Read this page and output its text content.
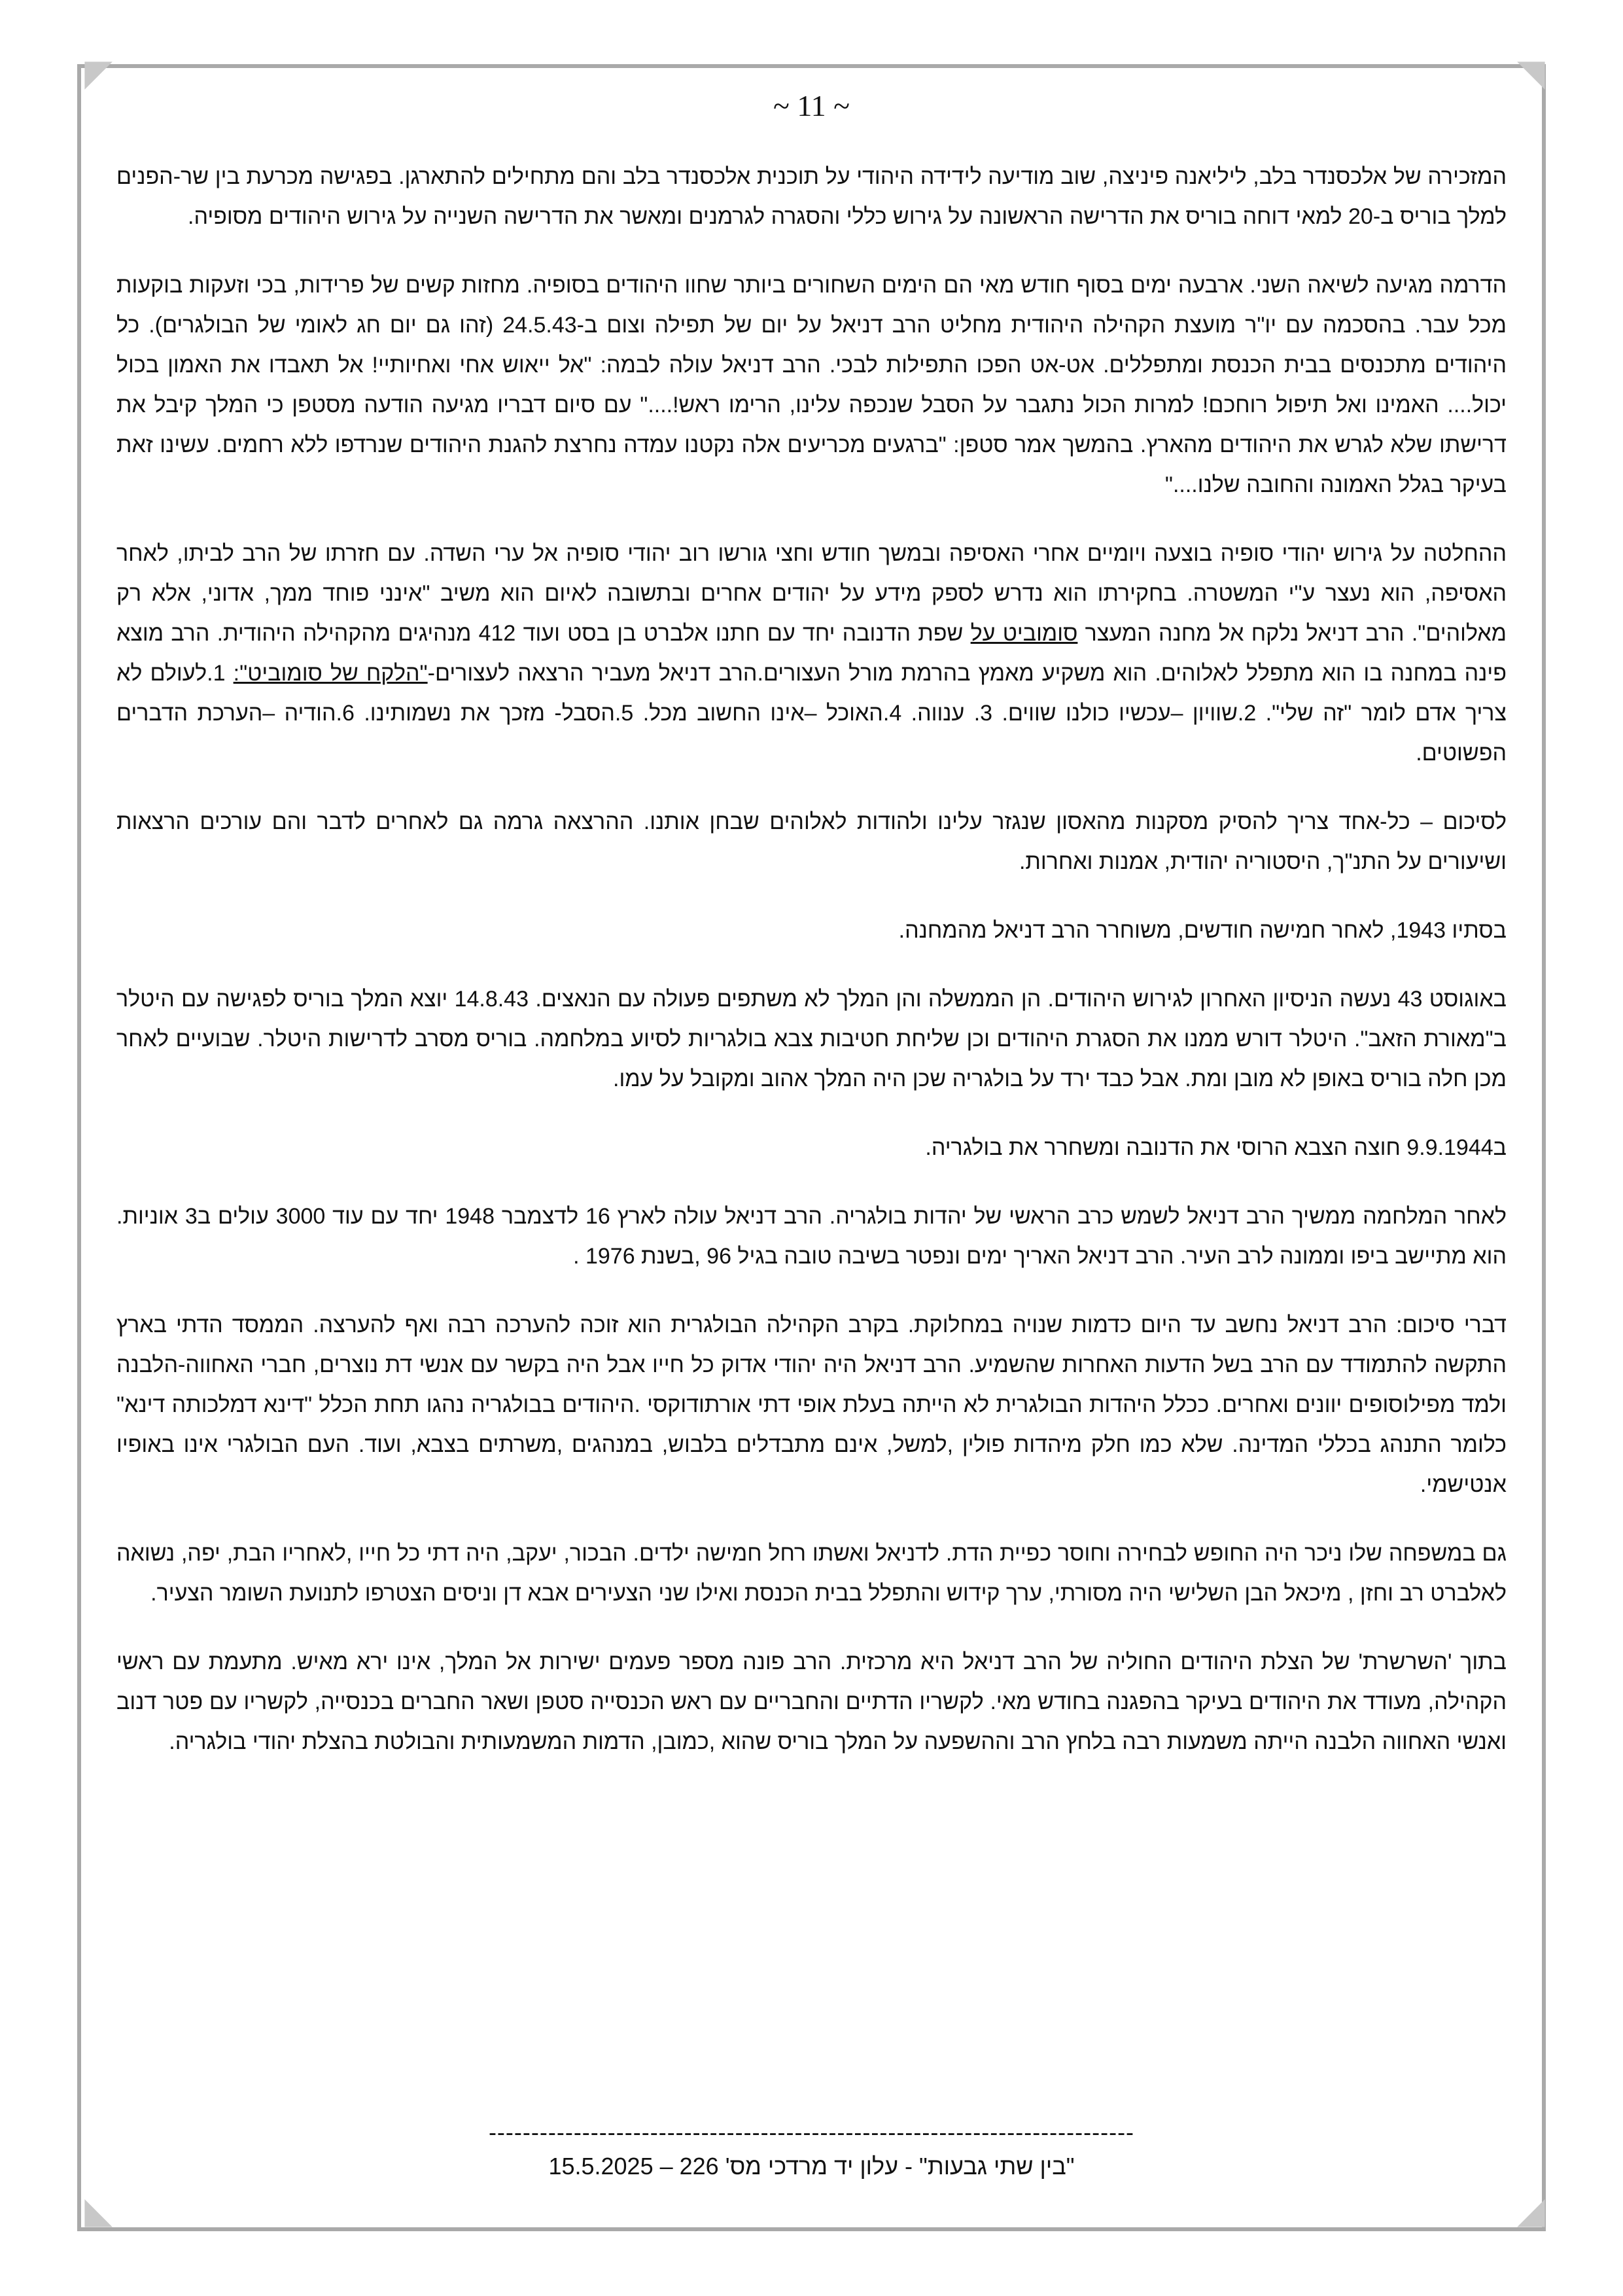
~ 11 ~

המזכירה של אלכסנדר בלב, ליליאנה פיניצה, שוב מודיעה לידידה היהודי על תוכנית אלכסנדר בלב והם מתחילים להתארגן. בפגישה מכרעת בין שר-הפנים למלך בוריס ב-20 למאי דוחה בוריס את הדרישה הראשונה על גירוש כללי והסגרה לגרמנים ומאשר את הדרישה השנייה על גירוש היהודים מסופיה.

הדרמה מגיעה לשיאה השני. ארבעה ימים בסוף חודש מאי הם הימים השחורים ביותר שחוו היהודים בסופיה. מחזות קשים של פרידות, בכי וזעקות בוקעות מכל עבר. בהסכמה עם יו"ר מועצת הקהילה היהודית מחליט הרב דניאל על יום של תפילה וצום ב-24.5.43 (זהו גם יום חג לאומי של הבולגרים). כל היהודים מתכנסים בבית הכנסת ומתפללים. אט-אט הפכו התפילות לבכי. הרב דניאל עולה לבמה: "אל ייאוש אחי ואחיותיי! אל תאבדו את האמון בכול יכול.... האמינו ואל תיפול רוחכם! למרות הכול נתגבר על הסבל שנכפה עלינו, הרימו ראש!...." עם סיום דבריו מגיעה הודעה מסטפן כי המלך קיבל את דרישתו שלא לגרש את היהודים מהארץ. בהמשך אמר סטפן: "ברגעים מכריעים אלה נקטנו עמדה נחרצת להגנת היהודים שנרדפו ללא רחמים. עשינו זאת בעיקר בגלל האמונה והחובה שלנו...."

ההחלטה על גירוש יהודי סופיה בוצעה ויומיים אחרי האסיפה ובמשך חודש וחצי גורשו רוב יהודי סופיה אל ערי השדה. עם חזרתו של הרב לביתו, לאחר האסיפה, הוא נעצר ע"י המשטרה. בחקירתו הוא נדרש לספק מידע על יהודים אחרים ובתשובה לאיום הוא משיב "אינני פוחד ממך, אדוני, אלא רק מאלוהים". הרב דניאל נלקח אל מחנה המעצר סומוביט על שפת הדנובה יחד עם חתנו אלברט בן בסט ועוד 412 מנהיגים מהקהילה היהודית. הרב מוצא פינה במחנה בו הוא מתפלל לאלוהים. הוא משקיע מאמץ בהרמת מורל העצורים.הרב דניאל מעביר הרצאה לעצורים-"הלקח של סומוביט": 1.לעולם לא צריך אדם לומר "זה שלי". 2.שוויון –עכשיו כולנו שווים. 3. ענווה. 4.האוכל –אינו החשוב מכל. 5.הסבל- מזכך את נשמותינו. 6.הודיה –הערכת הדברים הפשוטים.

לסיכום – כל-אחד צריך להסיק מסקנות מהאסון שנגזר עלינו ולהודות לאלוהים שבחן אותנו. ההרצאה גרמה גם לאחרים לדבר והם עורכים הרצאות ושיעורים על התנ"ך, היסטוריה יהודית, אמנות ואחרות.

בסתיו 1943, לאחר חמישה חודשים, משוחרר הרב דניאל מהמחנה.

באוגוסט 43 נעשה הניסיון האחרון לגירוש היהודים. הן הממשלה והן המלך לא משתפים פעולה עם הנאצים. 14.8.43 יוצא המלך בוריס לפגישה עם היטלר ב"מאורת הזאב". היטלר דורש ממנו את הסגרת היהודים וכן שליחת חטיבות צבא בולגריות לסיוע במלחמה. בוריס מסרב לדרישות היטלר. שבועיים לאחר מכן חלה בוריס באופן לא מובן ומת. אבל כבד ירד על בולגריה שכן היה המלך אהוב ומקובל על עמו.

ב9.9.1944 חוצה הצבא הרוסי את הדנובה ומשחרר את בולגריה.

לאחר המלחמה ממשיך הרב דניאל לשמש כרב הראשי של יהדות בולגריה. הרב דניאל עולה לארץ 16 לדצמבר 1948 יחד עם עוד 3000 עולים ב3 אוניות. הוא מתיישב ביפו וממונה לרב העיר. הרב דניאל האריך ימים ונפטר בשיבה טובה בגיל 96 ,בשנת 1976 .

דברי סיכום: הרב דניאל נחשב עד היום כדמות שנויה במחלוקת. בקרב הקהילה הבולגרית הוא זוכה להערכה רבה ואף להערצה. הממסד הדתי בארץ התקשה להתמודד עם הרב בשל הדעות האחרות שהשמיע. הרב דניאל היה יהודי אדוק כל חייו אבל היה בקשר עם אנשי דת נוצרים, חברי האחווה-הלבנה ולמד מפילוסופים יוונים ואחרים. ככלל היהדות הבולגרית לא הייתה בעלת אופי דתי אורתודוקסי .היהודים בבולגריה נהגו תחת הכלל "דינא דמלכותה דינא" כלומר התנהג בכללי המדינה. שלא כמו חלק מיהדות פולין ,למשל, אינם מתבדלים בלבוש, במנהגים ,משרתים בצבא, ועוד. העם הבולגרי אינו באופיו אנטישמי.

גם במשפחה שלו ניכר היה החופש לבחירה וחוסר כפיית הדת. לדניאל ואשתו רחל חמישה ילדים. הבכור, יעקב, היה דתי כל חייו ,לאחריו הבת, יפה, נשואה לאלברט רב וחזן , מיכאל הבן השלישי היה מסורתי, ערך קידוש והתפלל בבית הכנסת ואילו שני הצעירים אבא דן וניסים הצטרפו לתנועת השומר הצעיר.

בתוך 'השרשרת' של הצלת היהודים החוליה של הרב דניאל היא מרכזית. הרב פונה מספר פעמים ישירות אל המלך, אינו ירא מאיש. מתעמת עם ראשי הקהילה, מעודד את היהודים בעיקר בהפגנה בחודש מאי. לקשריו הדתיים והחבריים עם ראש הכנסייה סטפן ושאר החברים בכנסייה, לקשריו עם פטר דנוב ואנשי האחווה הלבנה הייתה משמעות רבה בלחץ הרב וההשפעה על המלך בוריס שהוא ,כמובן, הדמות המשמעותית והבולטת בהצלת יהודי בולגריה.

----------------------------------------------------------------------------
"בין שתי גבעות" - עלון יד מרדכי מס' 226 – 15.5.2025
